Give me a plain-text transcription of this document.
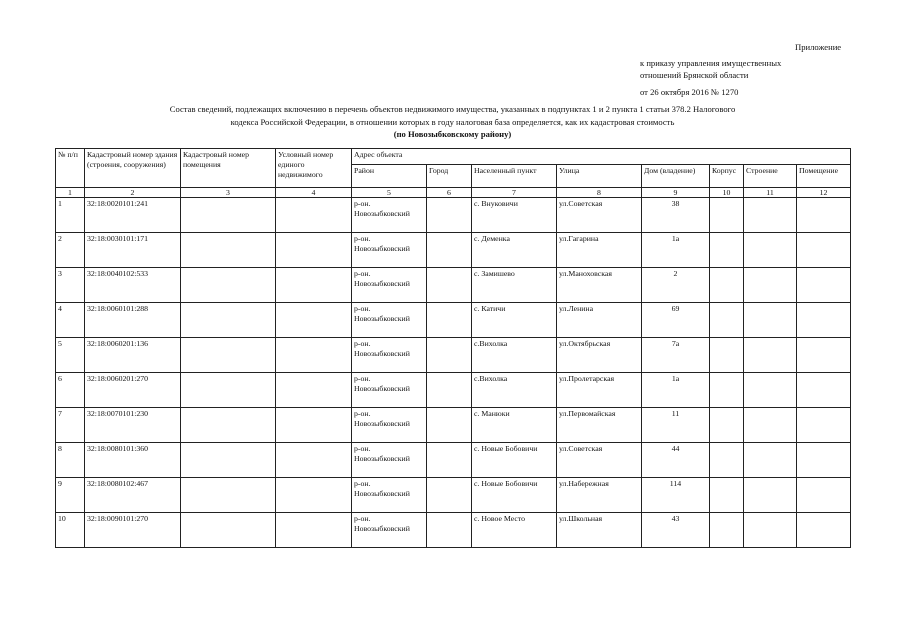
Приложение
к приказу управления имущественных
отношений Брянской области
от 26 октября 2016 № 1270
Состав сведений, подлежащих включению в перечень объектов недвижимого имущества, указанных в подпунктах 1 и 2 пункта 1 статьи 378.2 Налогового
кодекса Российской Федерации, в отношении которых в году налоговая база определяется, как их кадастровая стоимость
(по Новозыбковскому району)
№ п/п	Кадастровый номер здания (строения, сооружения)	Кадастровый номер помещения	Условный номер единого недвижимого	Адрес объекта							
				Район	Город	Населенный пункт	Улица	Дом (владение)	Корпус	Строение	Помещение
1	2	3	4	5	6	7	8	9	10	11	12
1	32:18:0020101:241			р-он. Новозыбковский		с. Внуковичи	ул.Советская	38			
2	32:18:0030101:171			р-он. Новозыбковский		с. Деменка	ул.Гагарина	1а			
3	32:18:0040102:533			р-он. Новозыбковский		с. Замишево	ул.Маноховская	2			
4	32:18:0060101:288			р-он. Новозыбковский		с. Катичи	ул.Ленина	69			
5	32:18:0060201:136			р-он. Новозыбковский		с.Вихолка	ул.Октябрьская	7а			
6	32:18:0060201:270			р-он. Новозыбковский		с.Вихолка	ул.Пролетарская	1а			
7	32:18:0070101:230			р-он. Новозыбковский		с. Манюки	ул.Первомайская	11			
8	32:18:0080101:360			р-он. Новозыбковский		с. Новые Бобовичи	ул.Советская	44			
9	32:18:0080102:467			р-он. Новозыбковский		с. Новые Бобовичи	ул.Набережная	114			
10	32:18:0090101:270			р-он. Новозыбковский		с. Новое Место	ул.Школьная	43			
